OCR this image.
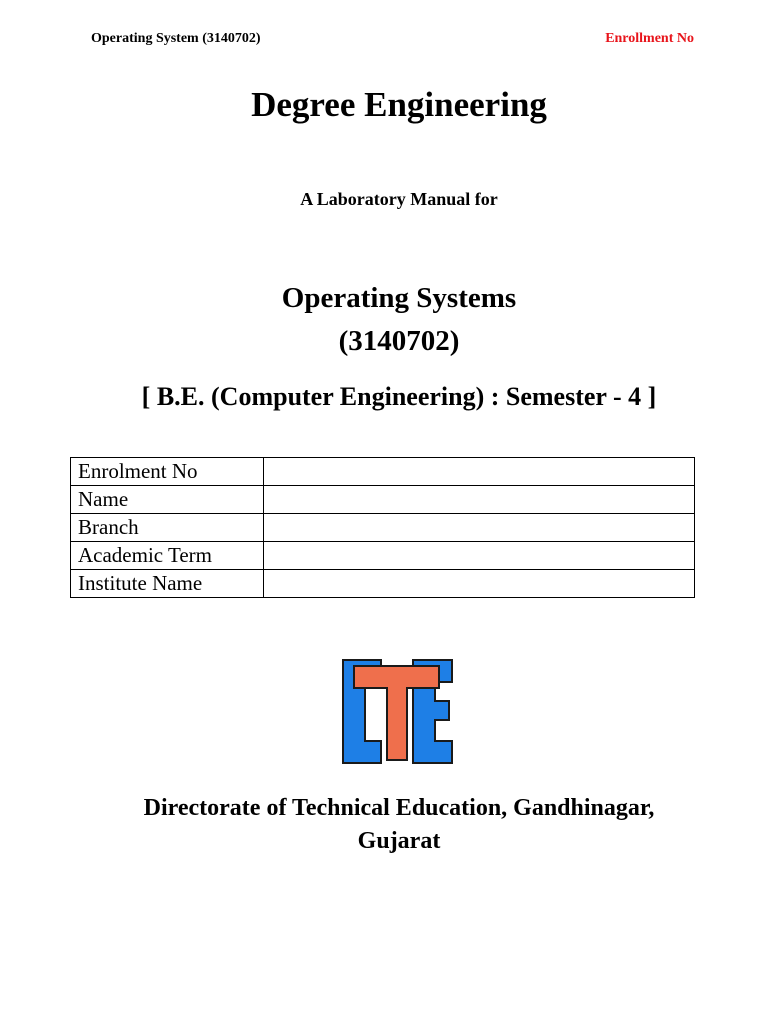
Operating System (3140702)	Enrollment No
Degree Engineering
A Laboratory Manual for
Operating Systems
(3140702)
[ B.E. (Computer Engineering) : Semester - 4 ]
Enrolment No	
Name	
Branch	
Academic Term	
Institute Name	
Directorate of Technical Education, Gandhinagar,
Gujarat
